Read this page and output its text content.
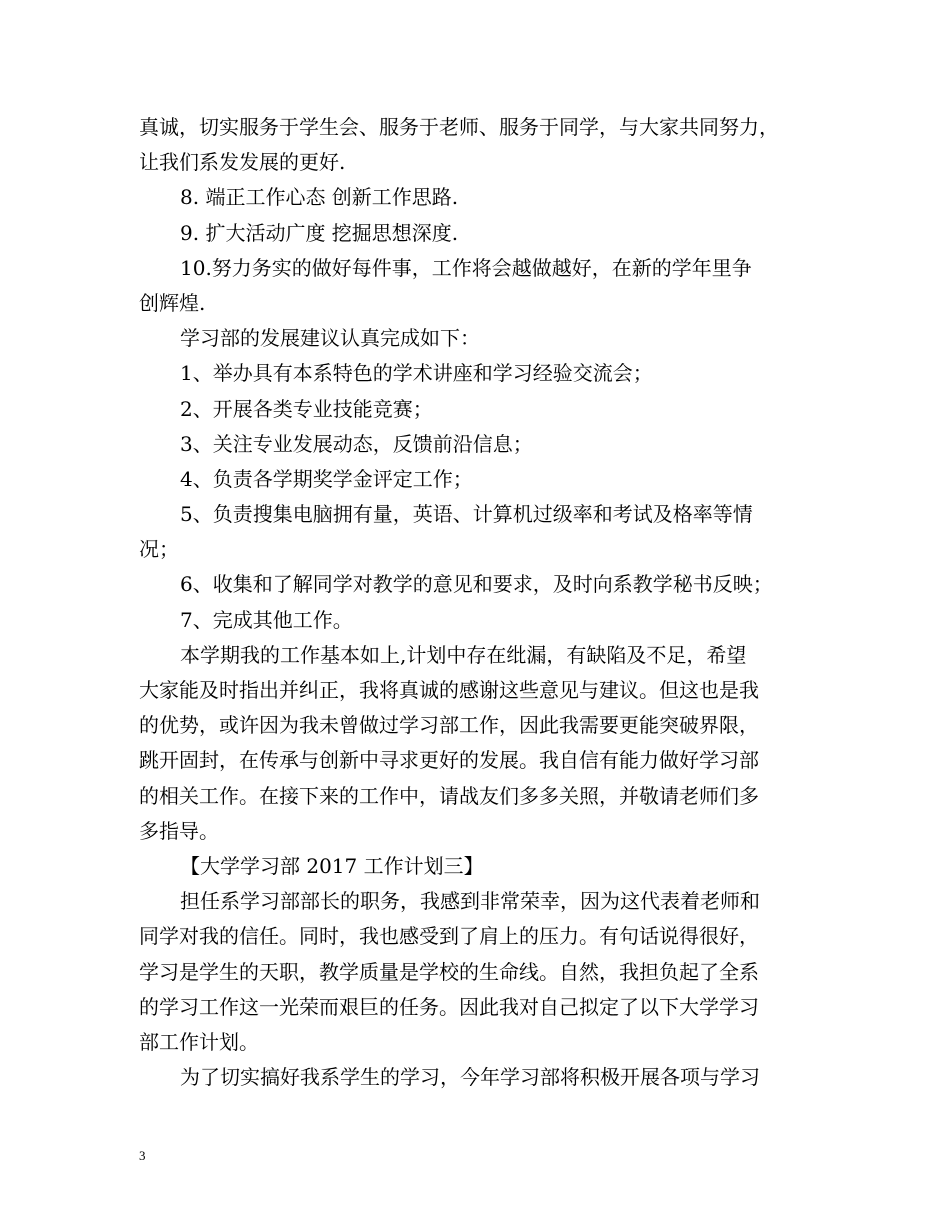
真诚，切实服务于学生会、服务于老师、服务于同学，与大家共同努力，
让我们系发发展的更好.
8. 端正工作心态 创新工作思路.
9. 扩大活动广度 挖掘思想深度.
10.努力务实的做好每件事，工作将会越做越好，在新的学年里争
创辉煌.
学习部的发展建议认真完成如下：
1、举办具有本系特色的学术讲座和学习经验交流会；
2、开展各类专业技能竞赛；
3、关注专业发展动态，反馈前沿信息；
4、负责各学期奖学金评定工作；
5、负责搜集电脑拥有量，英语、计算机过级率和考试及格率等情
况；
6、收集和了解同学对教学的意见和要求，及时向系教学秘书反映；
7、完成其他工作。
本学期我的工作基本如上,计划中存在纰漏，有缺陷及不足，希望
大家能及时指出并纠正，我将真诚的感谢这些意见与建议。但这也是我
的优势，或许因为我未曾做过学习部工作，因此我需要更能突破界限，
跳开固封，在传承与创新中寻求更好的发展。我自信有能力做好学习部
的相关工作。在接下来的工作中，请战友们多多关照，并敬请老师们多
多指导。
【大学学习部 2017 工作计划三】
担任系学习部部长的职务，我感到非常荣幸，因为这代表着老师和
同学对我的信任。同时，我也感受到了肩上的压力。有句话说得很好，
学习是学生的天职，教学质量是学校的生命线。自然，我担负起了全系
的学习工作这一光荣而艰巨的任务。因此我对自己拟定了以下大学学习
部工作计划。
为了切实搞好我系学生的学习，今年学习部将积极开展各项与学习
3
